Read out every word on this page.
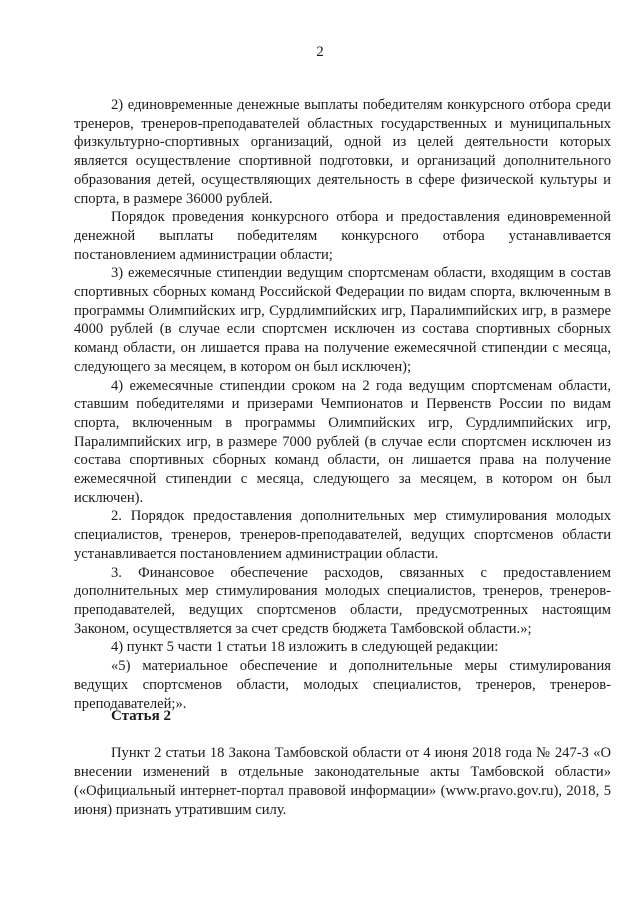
2

2) единовременные денежные выплаты победителям конкурсного отбора среди тренеров, тренеров-преподавателей областных государственных и муниципальных физкультурно-спортивных организаций, одной из целей деятельности которых является осуществление спортивной подготовки, и организаций дополнительного образования детей, осуществляющих деятельность в сфере физической культуры и спорта, в размере 36000 рублей.

Порядок проведения конкурсного отбора и предоставления единовременной денежной выплаты победителям конкурсного отбора устанавливается постановлением администрации области;

3) ежемесячные стипендии ведущим спортсменам области, входящим в состав спортивных сборных команд Российской Федерации по видам спорта, включенным в программы Олимпийских игр, Сурдлимпийских игр, Паралимпийских игр, в размере 4000 рублей (в случае если спортсмен исключен из состава спортивных сборных команд области, он лишается права на получение ежемесячной стипендии с месяца, следующего за месяцем, в котором он был исключен);

4) ежемесячные стипендии сроком на 2 года ведущим спортсменам области, ставшим победителями и призерами Чемпионатов и Первенств России по видам спорта, включенным в программы Олимпийских игр, Сурдлимпийских игр, Паралимпийских игр, в размере 7000 рублей (в случае если спортсмен исключен из состава спортивных сборных команд области, он лишается права на получение ежемесячной стипендии с месяца, следующего за месяцем, в котором он был исключен).

2. Порядок предоставления дополнительных мер стимулирования молодых специалистов, тренеров, тренеров-преподавателей, ведущих спортсменов области устанавливается постановлением администрации области.

3. Финансовое обеспечение расходов, связанных с предоставлением дополнительных мер стимулирования молодых специалистов, тренеров, тренеров-преподавателей, ведущих спортсменов области, предусмотренных настоящим Законом, осуществляется за счет средств бюджета Тамбовской области.»;

4) пункт 5 части 1 статьи 18 изложить в следующей редакции:

«5) материальное обеспечение и дополнительные меры стимулирования ведущих спортсменов области, молодых специалистов, тренеров, тренеров-преподавателей;».

Статья 2

Пункт 2 статьи 18 Закона Тамбовской области от 4 июня 2018 года № 247-З «О внесении изменений в отдельные законодательные акты Тамбовской области» («Официальный интернет-портал правовой информации» (www.pravo.gov.ru), 2018, 5 июня) признать утратившим силу.
